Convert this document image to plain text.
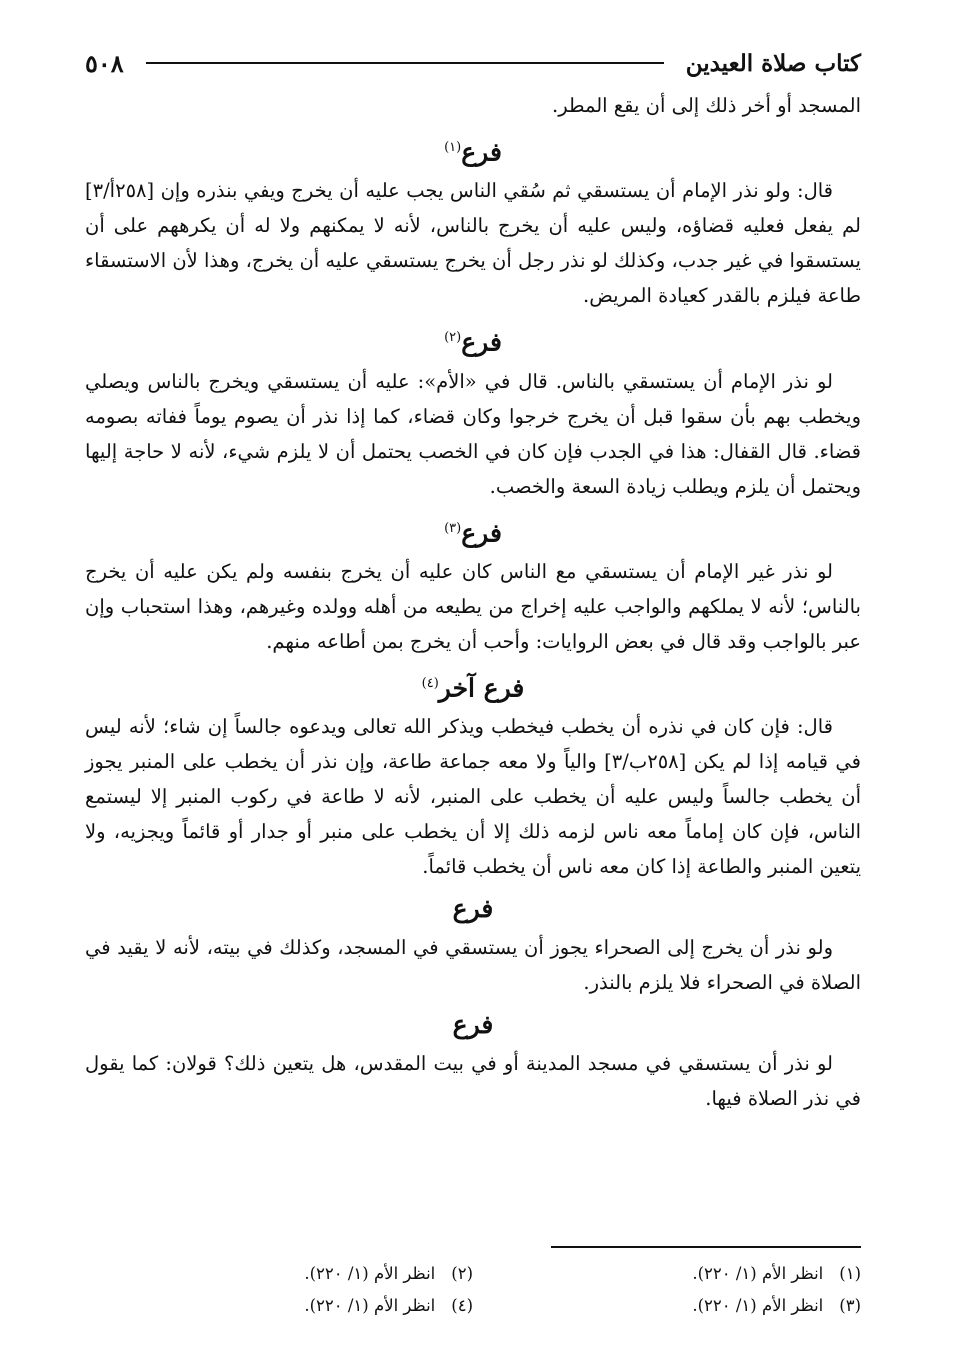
كتاب صلاة العيدين
٥٠٨

المسجد أو أخر ذلك إلى أن يقع المطر.

فرع$^{(١)}$

قال: ولو نذر الإمام أن يستسقي ثم سُقي الناس يجب عليه أن يخرج ويفي بنذره وإن [٢٥٨أ/٣] لم يفعل فعليه قضاؤه، وليس عليه أن يخرج بالناس، لأنه لا يمكنهم ولا له أن يكرههم على أن يستسقوا في غير جدب، وكذلك لو نذر رجل أن يخرج يستسقي عليه أن يخرج، وهذا لأن الاستسقاء طاعة فيلزم بالقدر كعيادة المريض.

فرع$^{(٢)}$

لو نذر الإمام أن يستسقي بالناس. قال في «الأم»: عليه أن يستسقي ويخرج بالناس ويصلي ويخطب بهم بأن سقوا قبل أن يخرج خرجوا وكان قضاء، كما إذا نذر أن يصوم يوماً ففاته بصومه قضاء. قال القفال: هذا في الجدب فإن كان في الخصب يحتمل أن لا يلزم شيء، لأنه لا حاجة إليها ويحتمل أن يلزم ويطلب زيادة السعة والخصب.

فرع$^{(٣)}$

لو نذر غير الإمام أن يستسقي مع الناس كان عليه أن يخرج بنفسه ولم يكن عليه أن يخرج بالناس؛ لأنه لا يملكهم والواجب عليه إخراج من يطيعه من أهله وولده وغيرهم، وهذا استحباب وإن عبر بالواجب وقد قال في بعض الروايات: وأحب أن يخرج بمن أطاعه منهم.

فرع آخر$^{(٤)}$

قال: فإن كان في نذره أن يخطب فيخطب ويذكر الله تعالى ويدعوه جالساً إن شاء؛ لأنه ليس في قيامه إذا لم يكن [٢٥٨ب/٣] والياً ولا معه جماعة طاعة، وإن نذر أن يخطب على المنبر يجوز أن يخطب جالساً وليس عليه أن يخطب على المنبر، لأنه لا طاعة في ركوب المنبر إلا ليستمع الناس، فإن كان إماماً معه ناس لزمه ذلك إلا أن يخطب على منبر أو جدار أو قائماً ويجزيه، ولا يتعين المنبر والطاعة إذا كان معه ناس أن يخطب قائماً.

فرع

ولو نذر أن يخرج إلى الصحراء يجوز أن يستسقي في المسجد، وكذلك في بيته، لأنه لا يقيد في الصلاة في الصحراء فلا يلزم بالنذر.

فرع

لو نذر أن يستسقي في مسجد المدينة أو في بيت المقدس، هل يتعين ذلك؟ قولان: كما يقول في نذر الصلاة فيها.

(١)انظر الأم (١/ ٢٢٠).
(٢)انظر الأم (١/ ٢٢٠).
(٣)انظر الأم (١/ ٢٢٠).
(٤)انظر الأم (١/ ٢٢٠).
